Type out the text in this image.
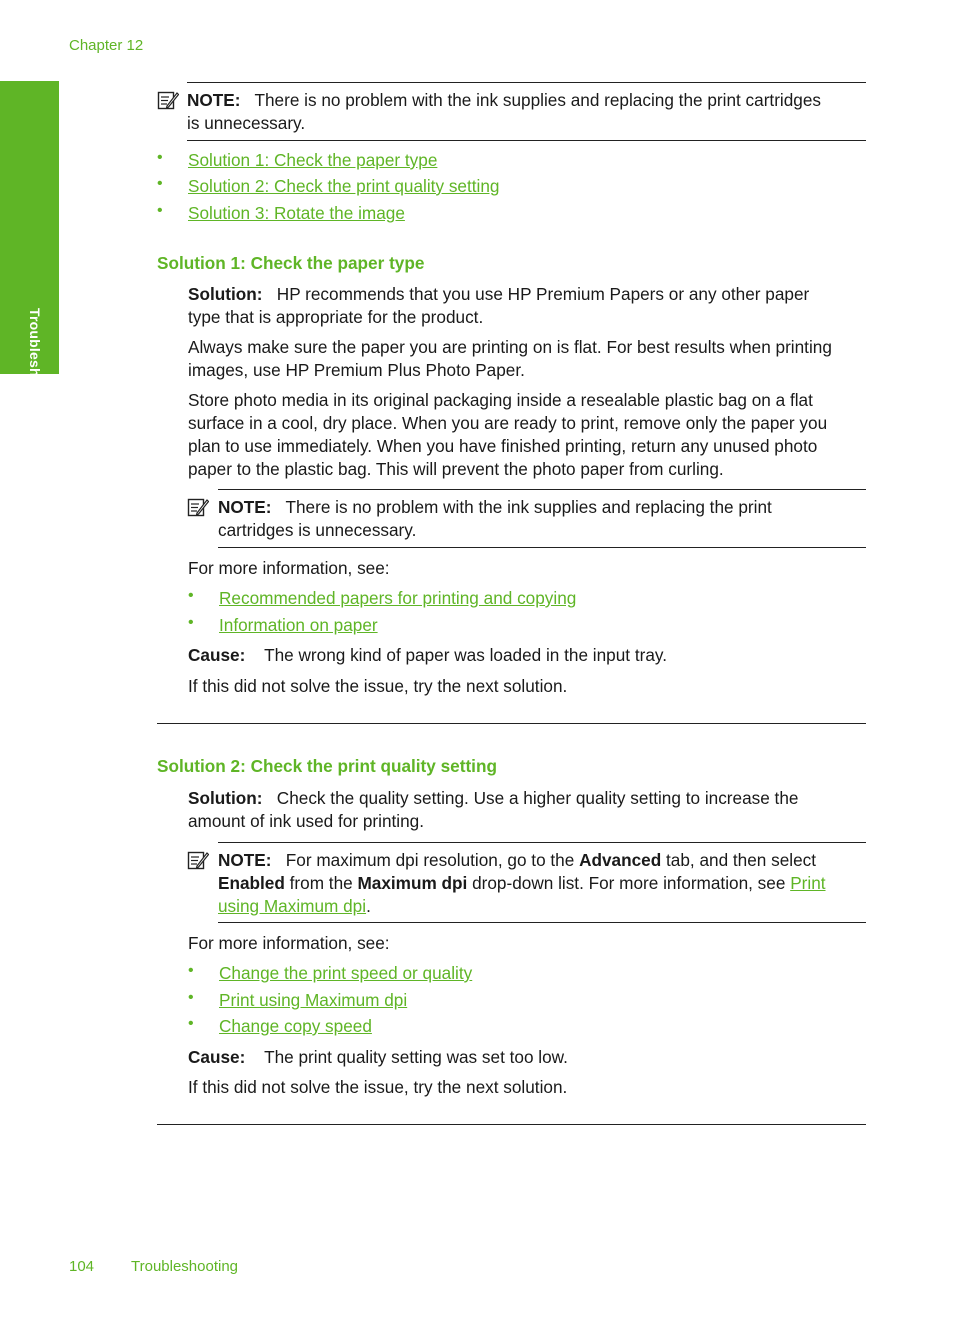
Chapter 12
Troubleshooting
NOTE: There is no problem with the ink supplies and replacing the print cartridges
is unnecessary.
• Solution 1: Check the paper type
• Solution 2: Check the print quality setting
• Solution 3: Rotate the image
Solution 1: Check the paper type
Solution: HP recommends that you use HP Premium Papers or any other paper
type that is appropriate for the product.
Always make sure the paper you are printing on is flat. For best results when printing
images, use HP Premium Plus Photo Paper.
Store photo media in its original packaging inside a resealable plastic bag on a flat
surface in a cool, dry place. When you are ready to print, remove only the paper you
plan to use immediately. When you have finished printing, return any unused photo
paper to the plastic bag. This will prevent the photo paper from curling.
NOTE: There is no problem with the ink supplies and replacing the print
cartridges is unnecessary.
For more information, see:
• Recommended papers for printing and copying
• Information on paper
Cause: The wrong kind of paper was loaded in the input tray.
If this did not solve the issue, try the next solution.
Solution 2: Check the print quality setting
Solution: Check the quality setting. Use a higher quality setting to increase the
amount of ink used for printing.
NOTE: For maximum dpi resolution, go to the Advanced tab, and then select
Enabled from the Maximum dpi drop-down list. For more information, see Print
using Maximum dpi.
For more information, see:
• Change the print speed or quality
• Print using Maximum dpi
• Change copy speed
Cause: The print quality setting was set too low.
If this did not solve the issue, try the next solution.
104 Troubleshooting
